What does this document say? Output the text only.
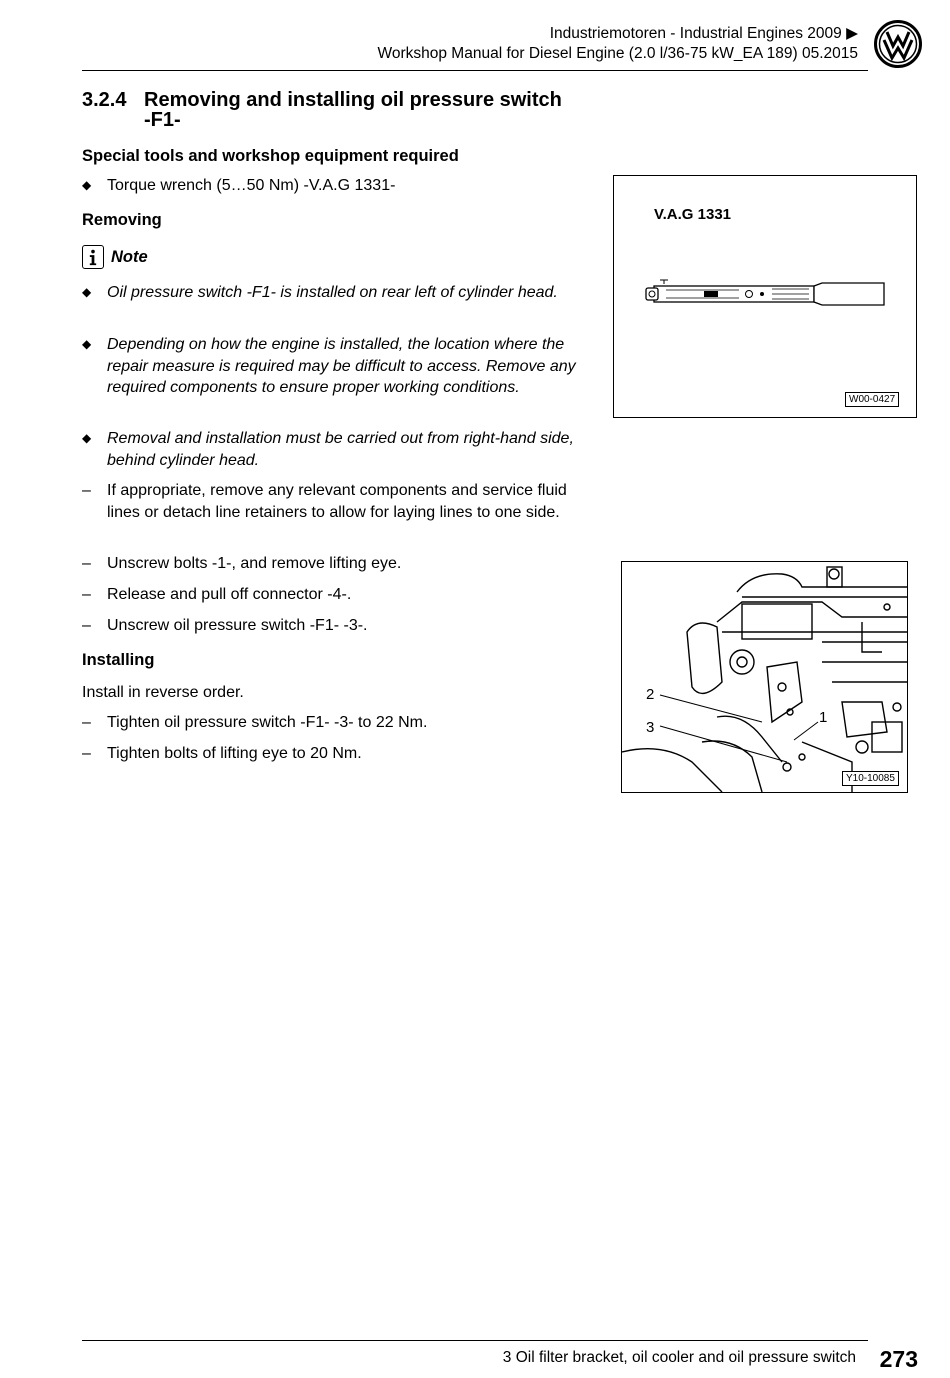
Industriemotoren - Industrial Engines 2009 ▶
Workshop Manual for Diesel Engine (2.0 l/36-75 kW_EA 189) 05.2015
3.2.4 Removing and installing oil pressure switch -F1-
Special tools and workshop equipment required
◆ Torque wrench (5…50 Nm) -V.A.G 1331-
Removing
Note
◆ Oil pressure switch -F1- is installed on rear left of cylinder head.
◆ Depending on how the engine is installed, the location where the repair measure is required may be difficult to access. Remove any required components to ensure proper working conditions.
◆ Removal and installation must be carried out from right-hand side, behind cylinder head.
–	If appropriate, remove any relevant components and service fluid lines or detach line retainers to allow for laying lines to one side.
–	Unscrew bolts -1-, and remove lifting eye.
–	Release and pull off connector -4-.
–	Unscrew oil pressure switch -F1- -3-.
Installing
Install in reverse order.
–	Tighten oil pressure switch -F1- -3- to 22 Nm.
–	Tighten bolts of lifting eye to 20 Nm.
V.A.G 1331
W00-0427
2
3
1
Y10-10085
3 Oil filter bracket, oil cooler and oil pressure switch 273
